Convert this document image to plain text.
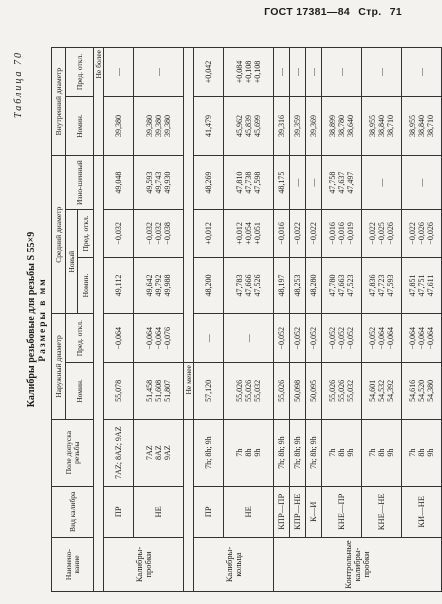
ГОСТ 17381—84 Стр. 71
Таблица 70
Калибры резьбовые для резьбы S 55×9 Размеры в мм
Наимено-вание	Вид калибра	Поле допуска резьбы	Наружный диаметр		Средний диаметр			Внутренний диаметр	
			Номин.	Пред. откл.	Новый		Изно-шенный	Номин.	Пред. откл.
					Номин.	Пред. откл.			
								Не более	
Калибры-пробки	ПР	7AZ; 8AZ; 9AZ	55,078	−0,064	49,112	−0,032	49,048	39,380	—
	НЕ	7AZ 8AZ 9AZ	51,458 51,608 51,807	−0,064 −0,064 −0,076	49,642 49,792 49,988	−0,032 −0,032 −0,038	49,593 49,743 49,930	39,380 39,380 39,380	—
			Не менее						
Калибры-кольца	ПР	7h; 8h; 9h	57,120	—	48,200	+0,012	48,269	41,479	+0,042
	НЕ	7h 8h 9h	55,026 55,026 55,032	—	47,783 47,666 47,526	+0,012 +0,054 +0,051	47,810 47,738 47,598	45,962 45,839 45,699	+0,084 +0,108 +0,108

Контрольные калибры-пробки	КПР—ПР	7h; 8h; 9h	55,026	−0,052	48,197	−0,016	48,175	39,316	—
	КПР—НЕ	7h; 8h; 9h	50,098	−0,052	48,253	−0,022	—	39,359	—
	К—И	7h; 8h; 9h	50,095	−0,052	48,280	−0,022	—	39,369	—
	КНЕ—ПР	7h 8h 9h	55,026 55,026 55,032	−0,052 −0,052 −0,052	47,780 47,663 47,523	−0,016 −0,016 −0,019	47,758 47,637 47,497	38,899 38,780 38,640	—
	КНЕ—НЕ	7h 8h 9h	54,601 54,532 54,392	−0,052 −0,064 −0,064	47,836 47,723 47,593	−0,022 −0,025 −0,026	—	38,955 38,840 38,710	—
	КИ—НЕ	7h 8h 9h	54,616 54,520 54,380	−0,064 −0,064 −0,064	47,851 47,751 47,611	−0,022 −0,026 −0,026	—	38,955 38,840 38,710	—
